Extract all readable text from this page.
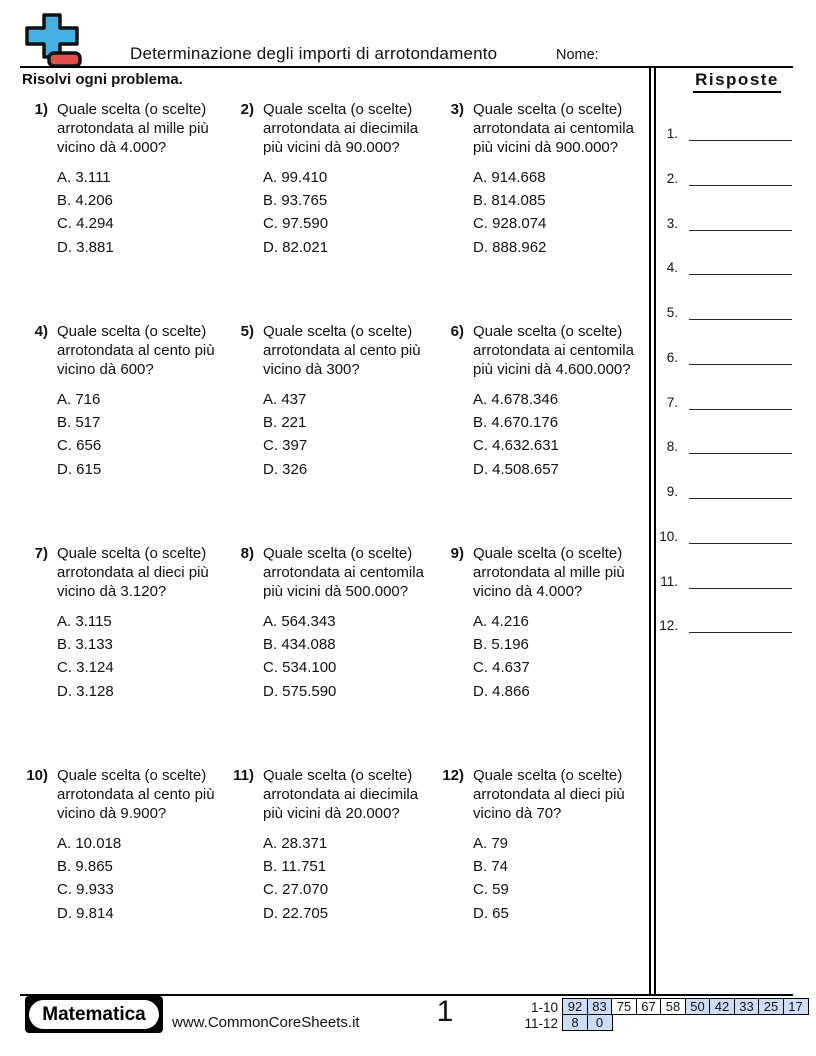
Determinazione degli importi di arrotondamento	Nome:
Risolvi ogni problema.
1) Quale scelta (o scelte) arrotondata al mille più vicino dà 4.000?
A. 3.111
B. 4.206
C. 4.294
D. 3.881
2) Quale scelta (o scelte) arrotondata ai diecimila più vicini dà 90.000?
A. 99.410
B. 93.765
C. 97.590
D. 82.021
3) Quale scelta (o scelte) arrotondata ai centomila più vicini dà 900.000?
A. 914.668
B. 814.085
C. 928.074
D. 888.962
4) Quale scelta (o scelte) arrotondata al cento più vicino dà 600?
A. 716
B. 517
C. 656
D. 615
5) Quale scelta (o scelte) arrotondata al cento più vicino dà 300?
A. 437
B. 221
C. 397
D. 326
6) Quale scelta (o scelte) arrotondata ai centomila più vicini dà 4.600.000?
A. 4.678.346
B. 4.670.176
C. 4.632.631
D. 4.508.657
7) Quale scelta (o scelte) arrotondata al dieci più vicino dà 3.120?
A. 3.115
B. 3.133
C. 3.124
D. 3.128
8) Quale scelta (o scelte) arrotondata ai centomila più vicini dà 500.000?
A. 564.343
B. 434.088
C. 534.100
D. 575.590
9) Quale scelta (o scelte) arrotondata al mille più vicino dà 4.000?
A. 4.216
B. 5.196
C. 4.637
D. 4.866
10) Quale scelta (o scelte) arrotondata al cento più vicino dà 9.900?
A. 10.018
B. 9.865
C. 9.933
D. 9.814
11) Quale scelta (o scelte) arrotondata ai diecimila più vicini dà 20.000?
A. 28.371
B. 11.751
C. 27.070
D. 22.705
12) Quale scelta (o scelte) arrotondata al dieci più vicino dà 70?
A. 79
B. 74
C. 59
D. 65
Risposte
1.
2.
3.
4.
5.
6.
7.
8.
9.
10.
11.
12.
Matematica	www.CommonCoreSheets.it	1	1-10 92 83 75 67 58 50 42 33 25 17
11-12	8	0
